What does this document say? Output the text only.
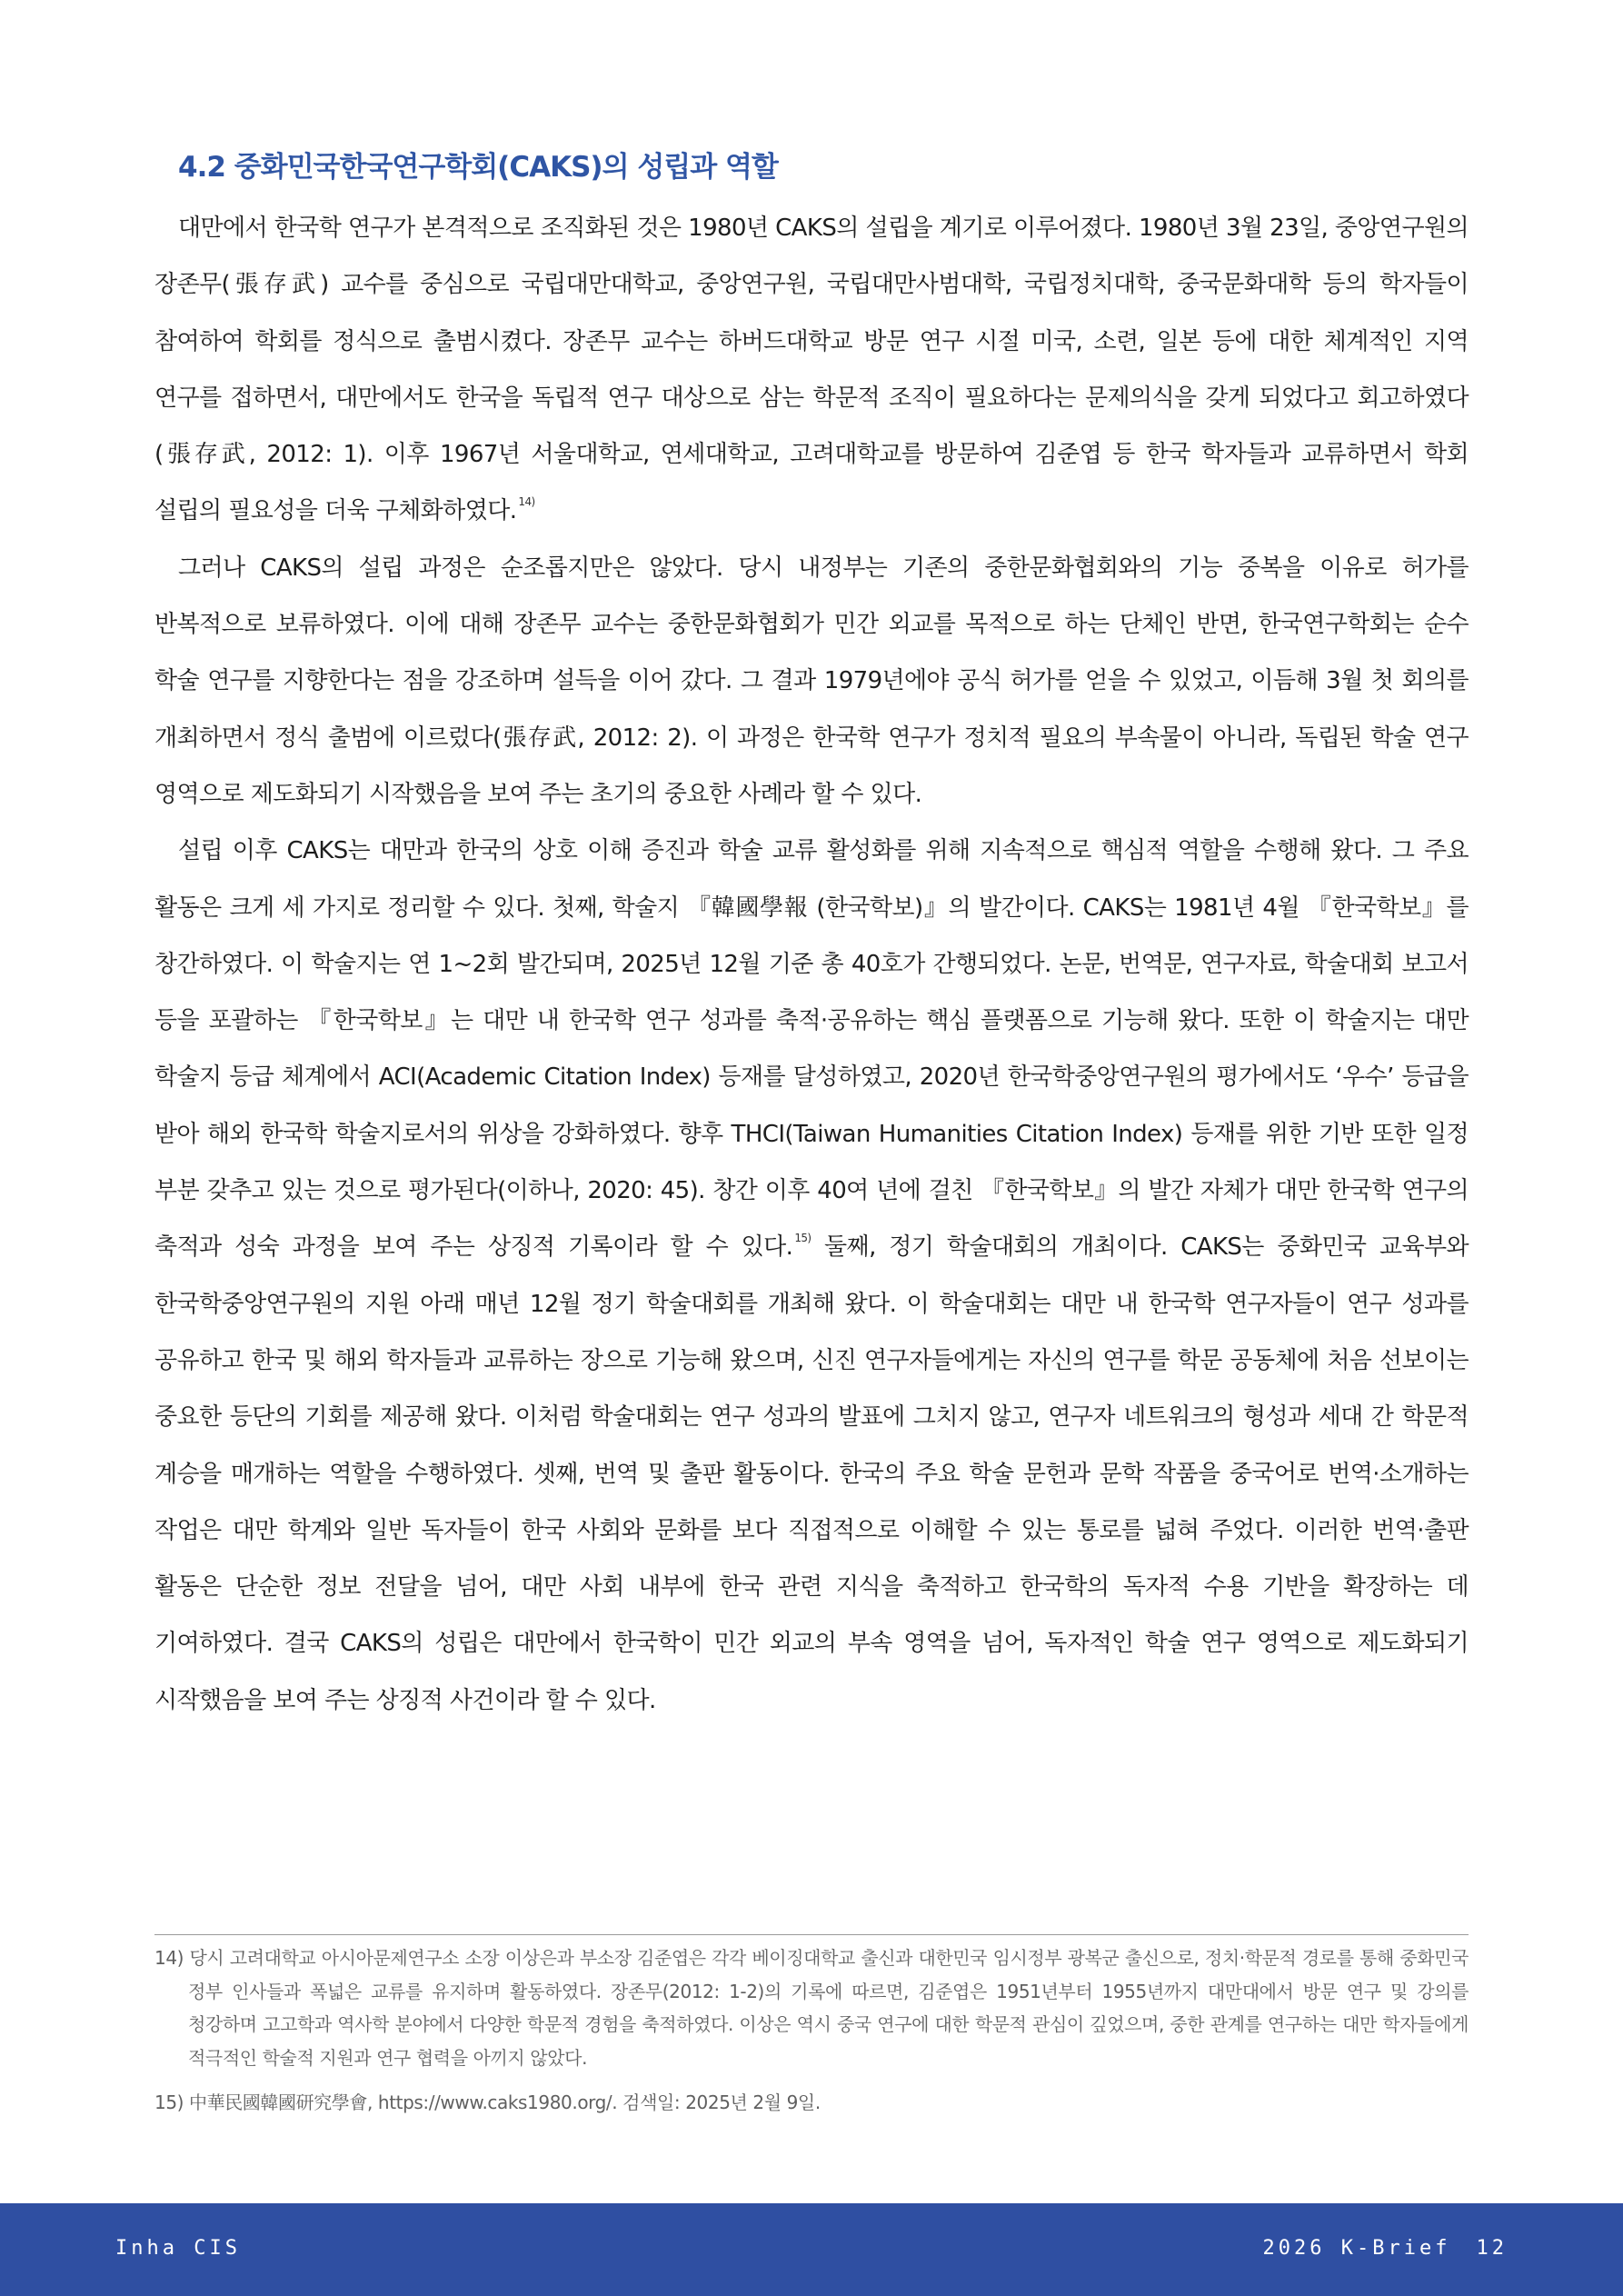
4.2 중화민국한국연구학회(CAKS)의 성립과 역할

대만에서 한국학 연구가 본격적으로 조직화된 것은 1980년 CAKS의 설립을 계기로 이루어졌다. 1980년 3월 23일, 중앙연구원의 장존무(張存武) 교수를 중심으로 국립대만대학교, 중앙연구원, 국립대만사범대학, 국립정치대학, 중국문화대학 등의 학자들이 참여하여 학회를 정식으로 출범시켰다. 장존무 교수는 하버드대학교 방문 연구 시절 미국, 소련, 일본 등에 대한 체계적인 지역 연구를 접하면서, 대만에서도 한국을 독립적 연구 대상으로 삼는 학문적 조직이 필요하다는 문제의식을 갖게 되었다고 회고하였다(張存武, 2012: 1). 이후 1967년 서울대학교, 연세대학교, 고려대학교를 방문하여 김준엽 등 한국 학자들과 교류하면서 학회 설립의 필요성을 더욱 구체화하였다. $^{14)}$

그러나 CAKS의 설립 과정은 순조롭지만은 않았다. 당시 내정부는 기존의 중한문화협회와의 기능 중복을 이유로 허가를 반복적으로 보류하였다. 이에 대해 장존무 교수는 중한문화협회가 민간 외교를 목적으로 하는 단체인 반면, 한국연구학회는 순수 학술 연구를 지향한다는 점을 강조하며 설득을 이어 갔다. 그 결과 1979년에야 공식 허가를 얻을 수 있었고, 이듬해 3월 첫 회의를 개최하면서 정식 출범에 이르렀다(張存武, 2012: 2). 이 과정은 한국학 연구가 정치적 필요의 부속물이 아니라, 독립된 학술 연구 영역으로 제도화되기 시작했음을 보여 주는 초기의 중요한 사례라 할 수 있다.

설립 이후 CAKS는 대만과 한국의 상호 이해 증진과 학술 교류 활성화를 위해 지속적으로 핵심적 역할을 수행해 왔다. 그 주요 활동은 크게 세 가지로 정리할 수 있다. 첫째, 학술지 『韓國學報 (한국학보)』의 발간이다. CAKS는 1981년 4월 『한국학보』를 창간하였다. 이 학술지는 연 1~2회 발간되며, 2025년 12월 기준 총 40호가 간행되었다. 논문, 번역문, 연구자료, 학술대회 보고서 등을 포괄하는 『한국학보』는 대만 내 한국학 연구 성과를 축적·공유하는 핵심 플랫폼으로 기능해 왔다. 또한 이 학술지는 대만 학술지 등급 체계에서 ACI(Academic Citation Index) 등재를 달성하였고, 2020년 한국학중앙연구원의 평가에서도 ‘우수’ 등급을 받아 해외 한국학 학술지로서의 위상을 강화하였다. 향후 THCI(Taiwan Humanities Citation Index) 등재를 위한 기반 또한 일정 부분 갖추고 있는 것으로 평가된다(이하나, 2020: 45). 창간 이후 40여 년에 걸친 『한국학보』의 발간 자체가 대만 한국학 연구의 축적과 성숙 과정을 보여 주는 상징적 기록이라 할 수 있다. $^{15)}$ 둘째, 정기 학술대회의 개최이다. CAKS는 중화민국 교육부와 한국학중앙연구원의 지원 아래 매년 12월 정기 학술대회를 개최해 왔다. 이 학술대회는 대만 내 한국학 연구자들이 연구 성과를 공유하고 한국 및 해외 학자들과 교류하는 장으로 기능해 왔으며, 신진 연구자들에게는 자신의 연구를 학문 공동체에 처음 선보이는 중요한 등단의 기회를 제공해 왔다. 이처럼 학술대회는 연구 성과의 발표에 그치지 않고, 연구자 네트워크의 형성과 세대 간 학문적 계승을 매개하는 역할을 수행하였다. 셋째, 번역 및 출판 활동이다. 한국의 주요 학술 문헌과 문학 작품을 중국어로 번역·소개하는 작업은 대만 학계와 일반 독자들이 한국 사회와 문화를 보다 직접적으로 이해할 수 있는 통로를 넓혀 주었다. 이러한 번역·출판 활동은 단순한 정보 전달을 넘어, 대만 사회 내부에 한국 관련 지식을 축적하고 한국학의 독자적 수용 기반을 확장하는 데 기여하였다. 결국 CAKS의 성립은 대만에서 한국학이 민간 외교의 부속 영역을 넘어, 독자적인 학술 연구 영역으로 제도화되기 시작했음을 보여 주는 상징적 사건이라 할 수 있다.

14) 당시 고려대학교 아시아문제연구소 소장 이상은과 부소장 김준엽은 각각 베이징대학교 출신과 대한민국 임시정부 광복군 출신으로, 정치·학문적 경로를 통해 중화민국 정부 인사들과 폭넓은 교류를 유지하며 활동하였다. 장존무(2012: 1-2)의 기록에 따르면, 김준엽은 1951년부터 1955년까지 대만대에서 방문 연구 및 강의를 청강하며 고고학과 역사학 분야에서 다양한 학문적 경험을 축적하였다. 이상은 역시 중국 연구에 대한 학문적 관심이 깊었으며, 중한 관계를 연구하는 대만 학자들에게 적극적인 학술적 지원과 연구 협력을 아끼지 않았다.

15) 中華民國韓國研究學會, https://www.caks1980.org/. 검색일: 2025년 2월 9일.

Inha CIS	2026 K-Brief 12
